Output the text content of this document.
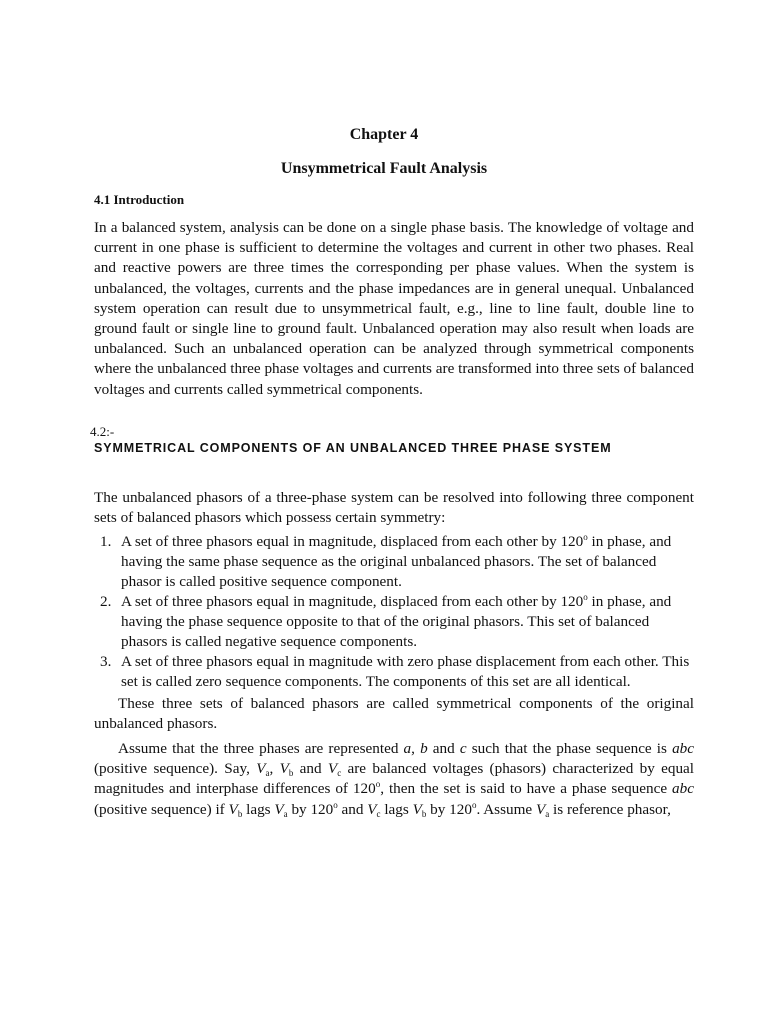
Chapter 4
Unsymmetrical Fault Analysis
4.1 Introduction
In a balanced system, analysis can be done on a single phase basis. The knowledge of voltage and current in one phase is sufficient to determine the voltages and current in other two phases. Real and reactive powers are three times the corresponding per phase values. When the system is unbalanced, the voltages, currents and the phase impedances are in general unequal. Unbalanced system operation can result due to unsymmetrical fault, e.g., line to line fault, double line to ground fault or single line to ground fault. Unbalanced operation may also result when loads are unbalanced. Such an unbalanced operation can be analyzed through symmetrical components where the unbalanced three phase voltages and currents are transformed into three sets of balanced voltages and currents called symmetrical components.
4.2:-
SYMMETRICAL COMPONENTS OF AN UNBALANCED THREE PHASE SYSTEM
The unbalanced phasors of a three-phase system can be resolved into following three component sets of balanced phasors which possess certain symmetry:
1. A set of three phasors equal in magnitude, displaced from each other by 120$^o$ in phase, and having the same phase sequence as the original unbalanced phasors. The set of balanced phasor is called positive sequence component.
2. A set of three phasors equal in magnitude, displaced from each other by 120$^o$ in phase, and having the phase sequence opposite to that of the original phasors. This set of balanced phasors is called negative sequence components.
3. A set of three phasors equal in magnitude with zero phase displacement from each other. This set is called zero sequence components. The components of this set are all identical.
These three sets of balanced phasors are called symmetrical components of the original unbalanced phasors.
Assume that the three phases are represented a, b and c such that the phase sequence is abc (positive sequence). Say, $V_a$, $V_b$ and $V_c$ are balanced voltages (phasors) characterized by equal magnitudes and interphase differences of 120$^o$, then the set is said to have a phase sequence abc (positive sequence) if $V_b$ lags $V_a$ by 120$^o$ and $V_c$ lags $V_b$ by 120$^o$. Assume $V_a$ is reference phasor,
